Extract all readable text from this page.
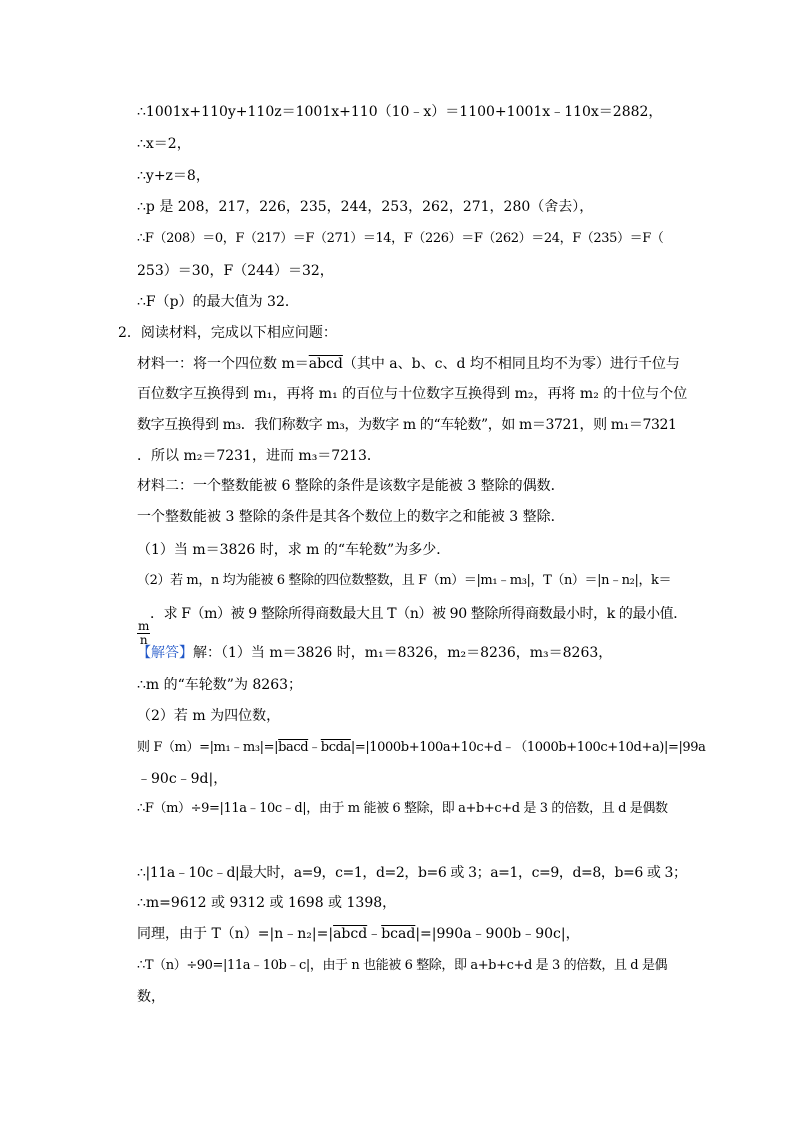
∴1001x+110y+110z＝1001x+110（10﹣x）＝1100+1001x﹣110x＝2882，
∴x＝2，
∴y+z＝8，
∴p 是 208，217，226，235，244，253，262，271，280（舍去），
∴F（208）＝0，F（217）＝F（271）＝14，F（226）＝F（262）＝24，F（235）＝F（
253）＝30，F（244）＝32，
∴F（p）的最大值为 32．
2．阅读材料，完成以下相应问题：
材料一：将一个四位数 m＝abcd（其中 a、b、c、d 均不相同且均不为零）进行千位与
百位数字互换得到 m₁，再将 m₁ 的百位与十位数字互换得到 m₂，再将 m₂ 的十位与个位
数字互换得到 m₃．我们称数字 m₃，为数字 m 的“车轮数”，如 m＝3721，则 m₁＝7321
．所以 m₂＝7231，进而 m₃＝7213．
材料二：一个整数能被 6 整除的条件是该数字是能被 3 整除的偶数．
一个整数能被 3 整除的条件是其各个数位上的数字之和能被 3 整除．
（1）当 m＝3826 时，求 m 的“车轮数”为多少．
（2）若 m，n 均为能被 6 整除的四位数整数，且 F（m）＝|m₁﹣m₃|，T（n）＝|n﹣n₂|，k＝
$\frac{m}{n}$
．求 F（m）被 9 整除所得商数最大且 T（n）被 90 整除所得商数最小时，k 的最小值．
【解答】解：（1）当 m＝3826 时，m₁＝8326，m₂＝8236，m₃＝8263，
∴m 的“车轮数”为 8263；
（2）若 m 为四位数，
则 F（m）=|m₁﹣m₃|=|bacd﹣bcda|=|1000b+100a+10c+d﹣（1000b+100c+10d+a)|=|99a
﹣90c﹣9d|，
∴F（m）÷9=|11a﹣10c﹣d|，由于 m 能被 6 整除，即 a+b+c+d 是 3 的倍数，且 d 是偶数
∴|11a﹣10c﹣d|最大时，a=9，c=1，d=2，b=6 或 3；a=1，c=9，d=8，b=6 或 3；
∴m=9612 或 9312 或 1698 或 1398，
同理，由于 T（n）=|n﹣n₂|=|abcd﹣bcad|=|990a﹣900b﹣90c|，
∴T（n）÷90=|11a﹣10b﹣c|，由于 n 也能被 6 整除，即 a+b+c+d 是 3 的倍数，且 d 是偶
数，
